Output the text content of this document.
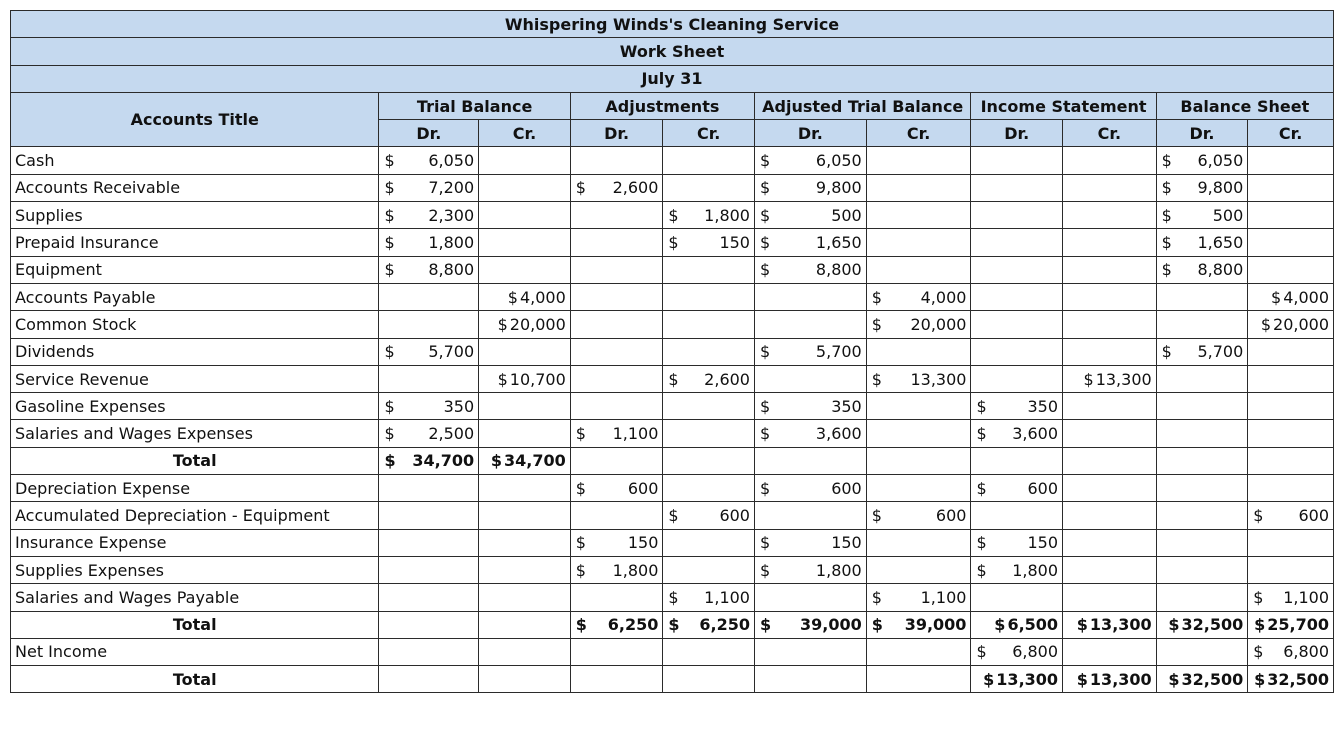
Whispering Winds's Cleaning Service										
Work Sheet										
July 31										
Accounts Title	Trial Balance		Adjustments		Adjusted Trial Balance		Income Statement		Balance Sheet	
	Dr.	Cr.	Dr.	Cr.	Dr.	Cr.	Dr.	Cr.	Dr.	Cr.
Cash	$ 6,050				$ 6,050				$ 6,050	
Accounts Receivable	$ 7,200		$ 2,600		$ 9,800				$ 9,800	
Supplies	$ 2,300			$ 1,800	$ 500				$ 500	
Prepaid Insurance	$ 1,800			$ 150	$ 1,650				$ 1,650	
Equipment	$ 8,800				$ 8,800				$ 8,800	
Accounts Payable		$ 4,000				$ 4,000				$ 4,000
Common Stock		$ 20,000				$ 20,000				$ 20,000
Dividends	$ 5,700				$ 5,700				$ 5,700	
Service Revenue		$ 10,700		$ 2,600		$ 13,300		$ 13,300		
Gasoline Expenses	$ 350				$ 350		$ 350			
Salaries and Wages Expenses	$ 2,500		$ 1,100		$ 3,600		$ 3,600			
Total	$ 34,700	$ 34,700								
Depreciation Expense			$ 600		$ 600		$ 600			
Accumulated Depreciation - Equipment				$ 600		$ 600				$ 600
Insurance Expense			$ 150		$ 150		$ 150			
Supplies Expenses			$ 1,800		$ 1,800		$ 1,800			
Salaries and Wages Payable				$ 1,100		$ 1,100				$ 1,100
Total			$ 6,250	$ 6,250	$ 39,000	$ 39,000	$ 6,500	$ 13,300	$ 32,500	$ 25,700
Net Income							$ 6,800			$ 6,800
Total							$ 13,300	$ 13,300	$ 32,500	$ 32,500
